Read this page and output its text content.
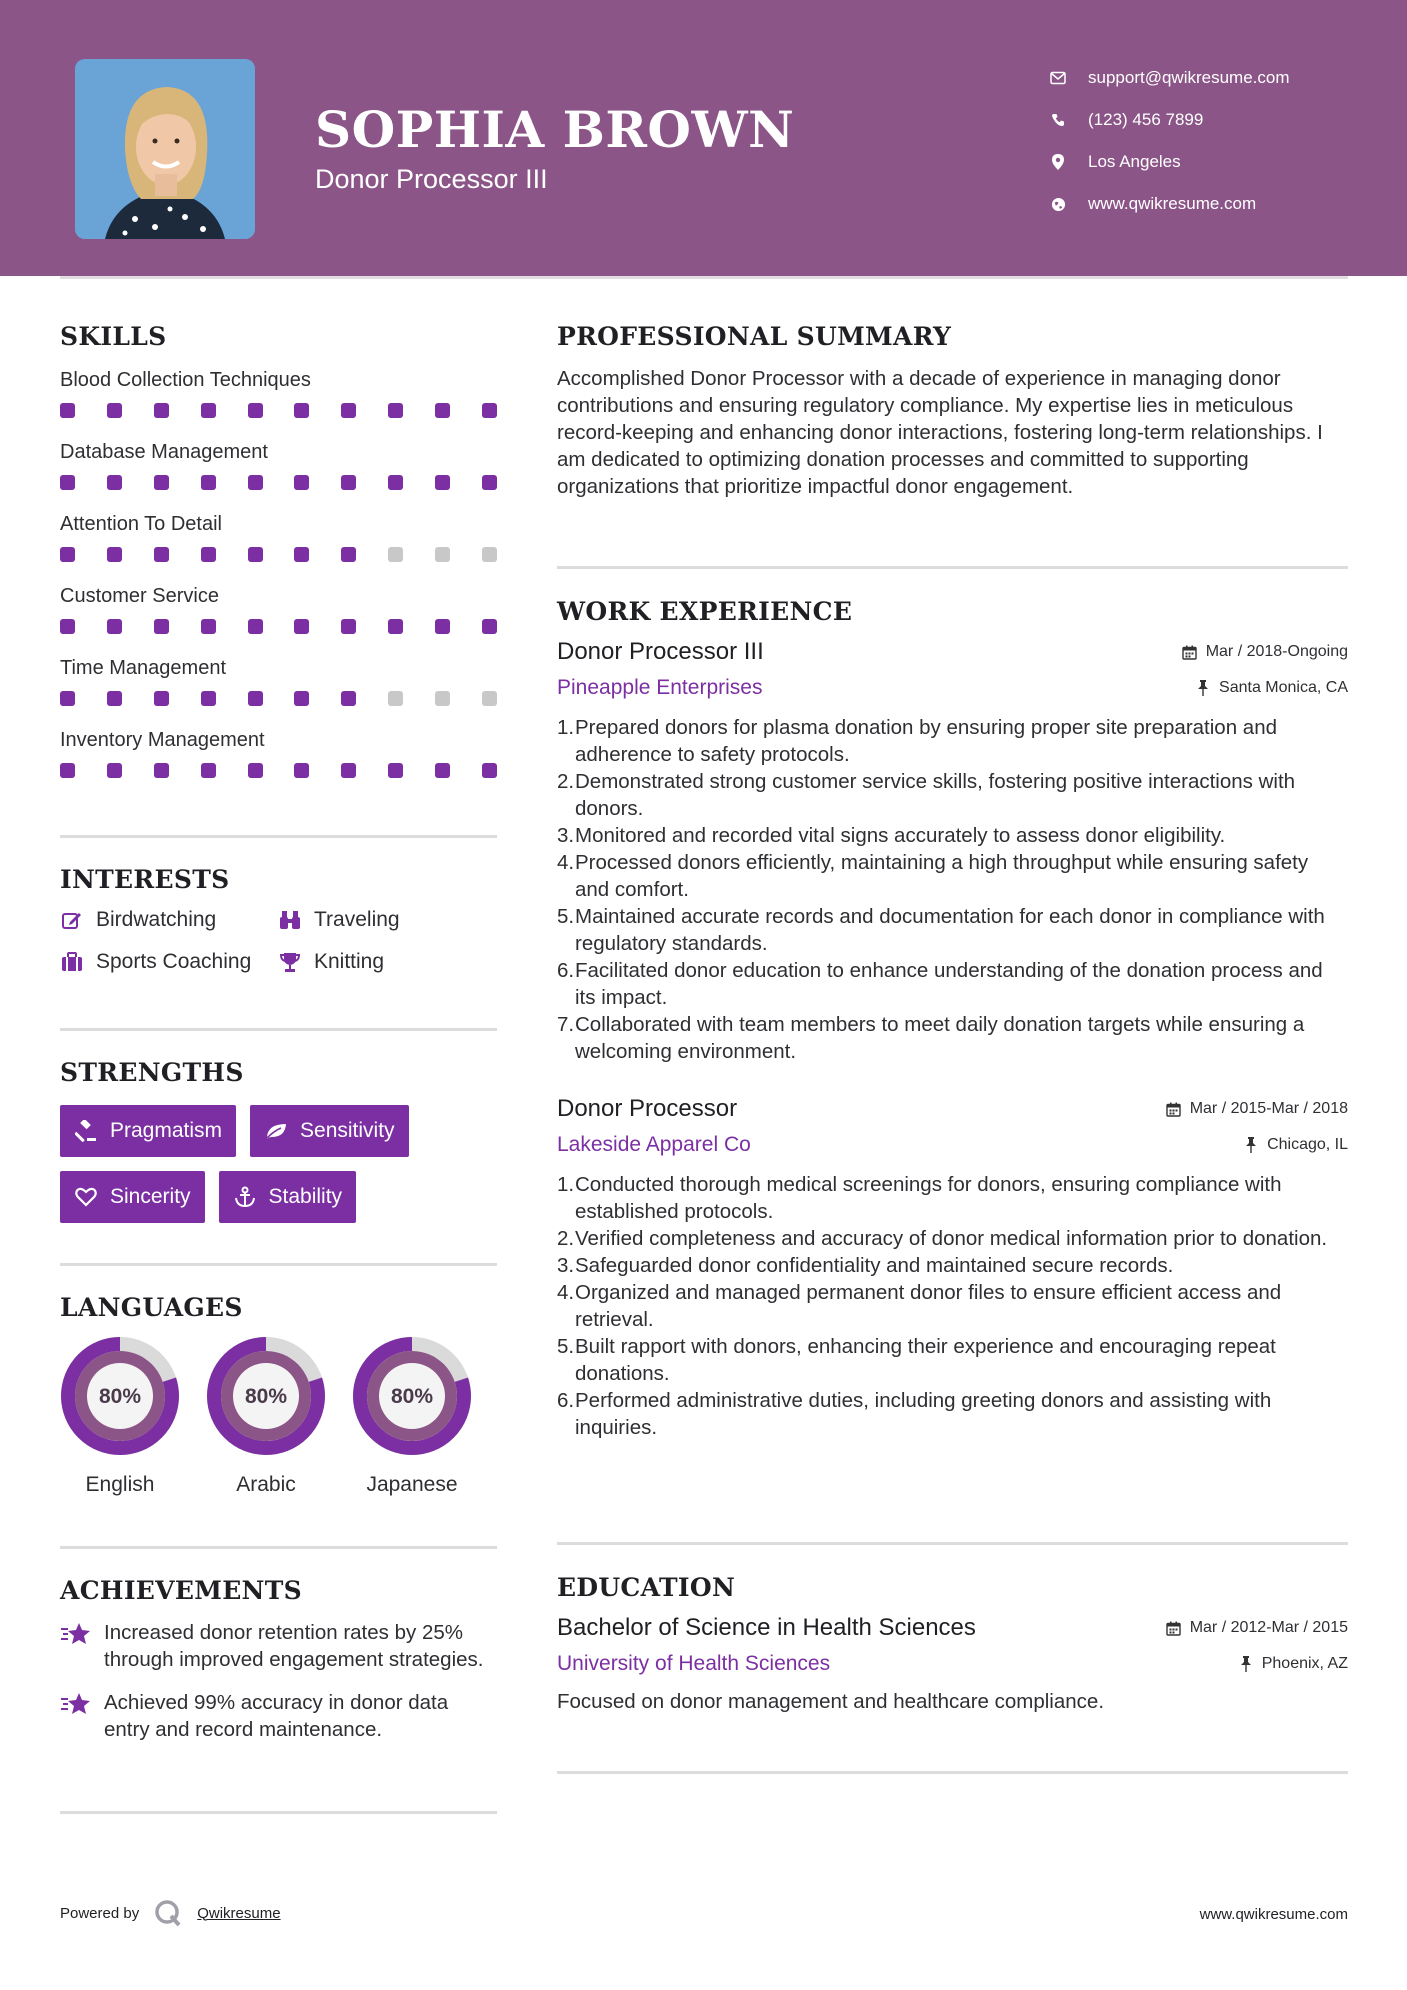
SOPHIA BROWN
Donor Processor III
support@qwikresume.com
(123) 456 7899
Los Angeles
www.qwikresume.com
SKILLS
Blood Collection Techniques
Database Management
Attention To Detail
Customer Service
Time Management
Inventory Management
INTERESTS
Birdwatching	Traveling
Sports Coaching	Knitting
STRENGTHS
Pragmatism	Sensitivity
Sincerity	Stability
LANGUAGES
80%
English
80%
Arabic
80%
Japanese
ACHIEVEMENTS
Increased donor retention rates by 25% through improved engagement strategies.
Achieved 99% accuracy in donor data entry and record maintenance.
PROFESSIONAL SUMMARY
Accomplished Donor Processor with a decade of experience in managing donor contributions and ensuring regulatory compliance. My expertise lies in meticulous record-keeping and enhancing donor interactions, fostering long-term relationships. I am dedicated to optimizing donation processes and committed to supporting organizations that prioritize impactful donor engagement.
WORK EXPERIENCE
Donor Processor III	Mar / 2018-Ongoing
Pineapple Enterprises	Santa Monica, CA
1. Prepared donors for plasma donation by ensuring proper site preparation and adherence to safety protocols.
2. Demonstrated strong customer service skills, fostering positive interactions with donors.
3. Monitored and recorded vital signs accurately to assess donor eligibility.
4. Processed donors efficiently, maintaining a high throughput while ensuring safety and comfort.
5. Maintained accurate records and documentation for each donor in compliance with regulatory standards.
6. Facilitated donor education to enhance understanding of the donation process and its impact.
7. Collaborated with team members to meet daily donation targets while ensuring a welcoming environment.
Donor Processor	Mar / 2015-Mar / 2018
Lakeside Apparel Co	Chicago, IL
1. Conducted thorough medical screenings for donors, ensuring compliance with established protocols.
2. Verified completeness and accuracy of donor medical information prior to donation.
3. Safeguarded donor confidentiality and maintained secure records.
4. Organized and managed permanent donor files to ensure efficient access and retrieval.
5. Built rapport with donors, enhancing their experience and encouraging repeat donations.
6. Performed administrative duties, including greeting donors and assisting with inquiries.
EDUCATION
Bachelor of Science in Health Sciences	Mar / 2012-Mar / 2015
University of Health Sciences	Phoenix, AZ
Focused on donor management and healthcare compliance.
Powered by	Qwikresume	www.qwikresume.com
